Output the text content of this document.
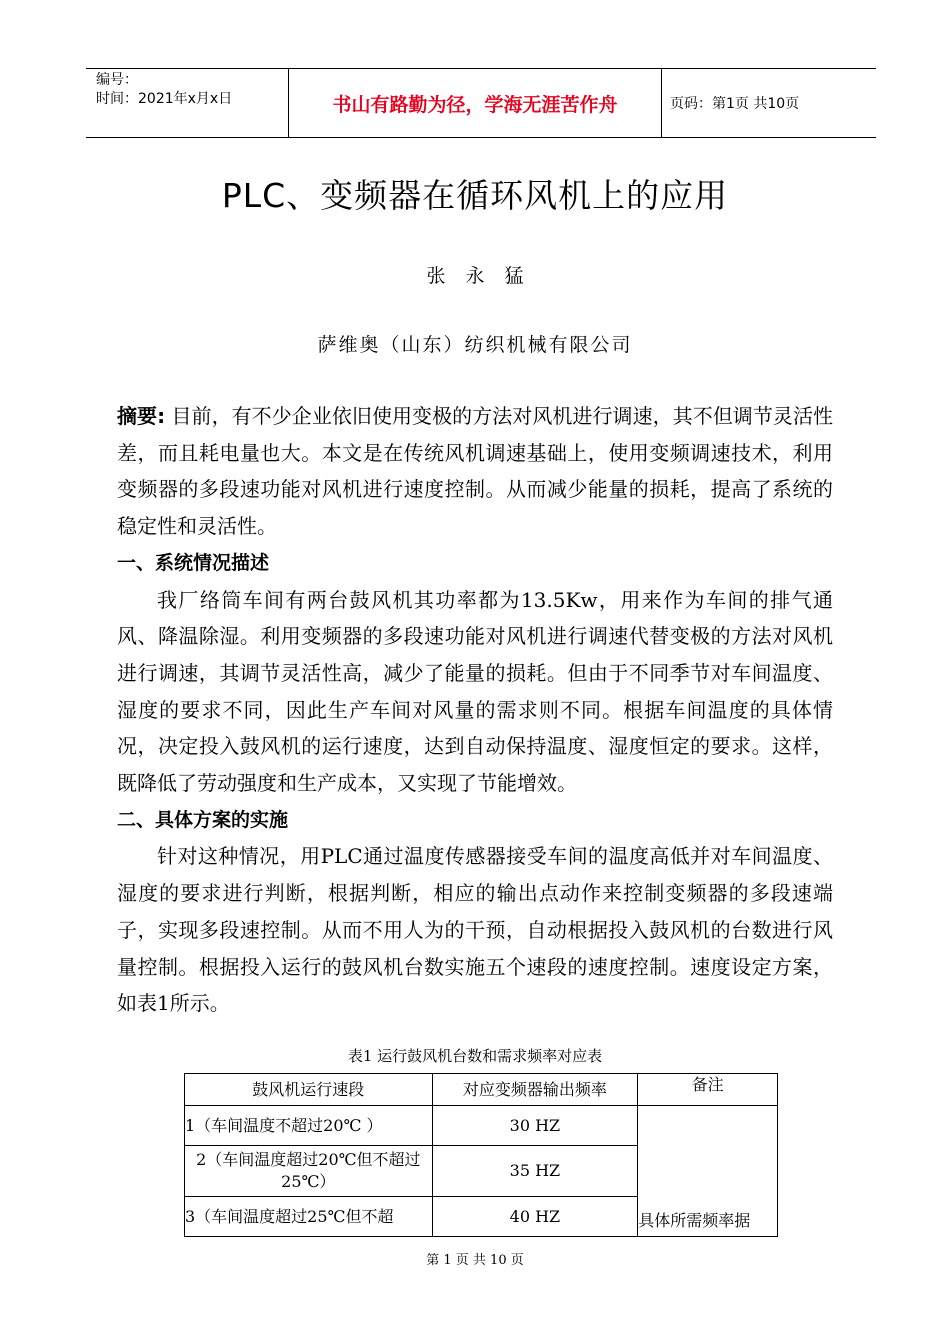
编号：
时间：2021年x月x日	书山有路勤为径，学海无涯苦作舟	页码：第1页 共10页
PLC、变频器在循环风机上的应用
张永猛
萨维奥（山东）纺织机械有限公司

摘要: 目前，有不少企业依旧使用变极的方法对风机进行调速，其不但调节灵活性差，而且耗电量也大。本文是在传统风机调速基础上，使用变频调速技术，利用变频器的多段速功能对风机进行速度控制。从而减少能量的损耗，提高了系统的稳定性和灵活性。

一、系统情况描述

我厂络筒车间有两台鼓风机其功率都为13.5Kw，用来作为车间的排气通风、降温除湿。利用变频器的多段速功能对风机进行调速代替变极的方法对风机进行调速，其调节灵活性高，减少了能量的损耗。但由于不同季节对车间温度、湿度的要求不同，因此生产车间对风量的需求则不同。根据车间温度的具体情况，决定投入鼓风机的运行速度，达到自动保持温度、湿度恒定的要求。这样，既降低了劳动强度和生产成本，又实现了节能增效。

二、具体方案的实施

针对这种情况，用PLC通过温度传感器接受车间的温度高低并对车间温度、湿度的要求进行判断，根据判断，相应的输出点动作来控制变频器的多段速端子，实现多段速控制。从而不用人为的干预，自动根据投入鼓风机的台数进行风量控制。根据投入运行的鼓风机台数实施五个速段的速度控制。速度设定方案，如表1所示。

表1 运行鼓风机台数和需求频率对应表
鼓风机运行速段	对应变频器输出频率	备注
1（车间温度不超过20℃ ）	30 HZ	具体所需频率据
2（车间温度超过20℃但不超过25℃）	35 HZ	
3（车间温度超过25℃但不超	40 HZ	
第 1 页 共 10 页
